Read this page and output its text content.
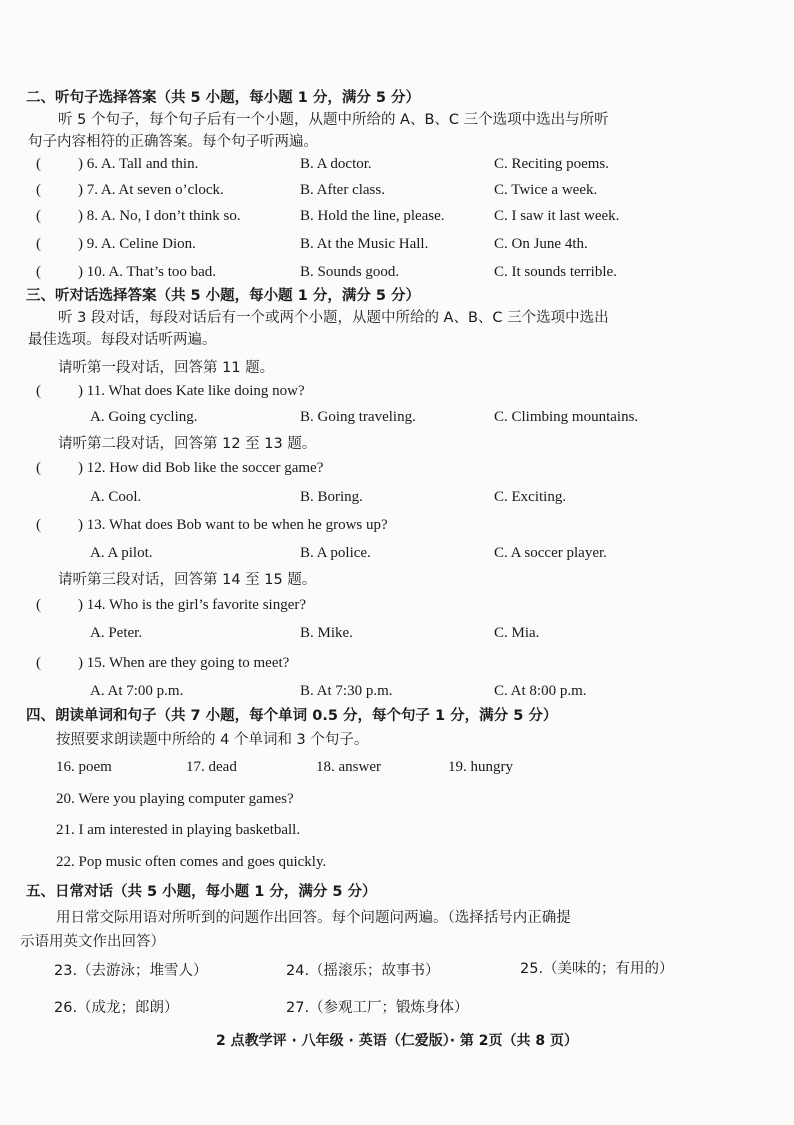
二、听句子选择答案（共 5 小题，每小题 1 分，满分 5 分）
听 5 个句子，每个句子后有一个小题，从题中所给的 A、B、C 三个选项中选出与所听
句子内容相符的正确答案。每个句子听两遍。
( ) 6. A. Tall and thin.	B. A doctor.	C. Reciting poems.
( ) 7. A. At seven o’clock.	B. After class.	C. Twice a week.
( ) 8. A. No, I don’t think so.	B. Hold the line, please.	C. I saw it last week.
( ) 9. A. Celine Dion.	B. At the Music Hall.	C. On June 4th.
( ) 10. A. That’s too bad.	B. Sounds good.	C. It sounds terrible.
三、听对话选择答案（共 5 小题，每小题 1 分，满分 5 分）
听 3 段对话，每段对话后有一个或两个小题，从题中所给的 A、B、C 三个选项中选出
最佳选项。每段对话听两遍。
请听第一段对话，回答第 11 题。
( ) 11. What does Kate like doing now?
A. Going cycling.	B. Going traveling.	C. Climbing mountains.
请听第二段对话，回答第 12 至 13 题。
( ) 12. How did Bob like the soccer game?
A. Cool.	B. Boring.	C. Exciting.
( ) 13. What does Bob want to be when he grows up?
A. A pilot.	B. A police.	C. A soccer player.
请听第三段对话，回答第 14 至 15 题。
( ) 14. Who is the girl’s favorite singer?
A. Peter.	B. Mike.	C. Mia.
( ) 15. When are they going to meet?
A. At 7:00 p.m.	B. At 7:30 p.m.	C. At 8:00 p.m.
四、朗读单词和句子（共 7 小题，每个单词 0.5 分，每个句子 1 分，满分 5 分）
按照要求朗读题中所给的 4 个单词和 3 个句子。
16. poem	17. dead	18. answer	19. hungry
20. Were you playing computer games?
21. I am interested in playing basketball.
22. Pop music often comes and goes quickly.
五、日常对话（共 5 小题，每小题 1 分，满分 5 分）
用日常交际用语对所听到的问题作出回答。每个问题问两遍。（选择括号内正确提
示语用英文作出回答）
23.（去游泳；堆雪人）	24.（摇滚乐；故事书）	25.（美味的；有用的）
26.（成龙；郎朗）	27.（参观工厂；锻炼身体）
2 点教学评 · 八年级 · 英语（仁爱版）· 第 2页（共 8 页）
